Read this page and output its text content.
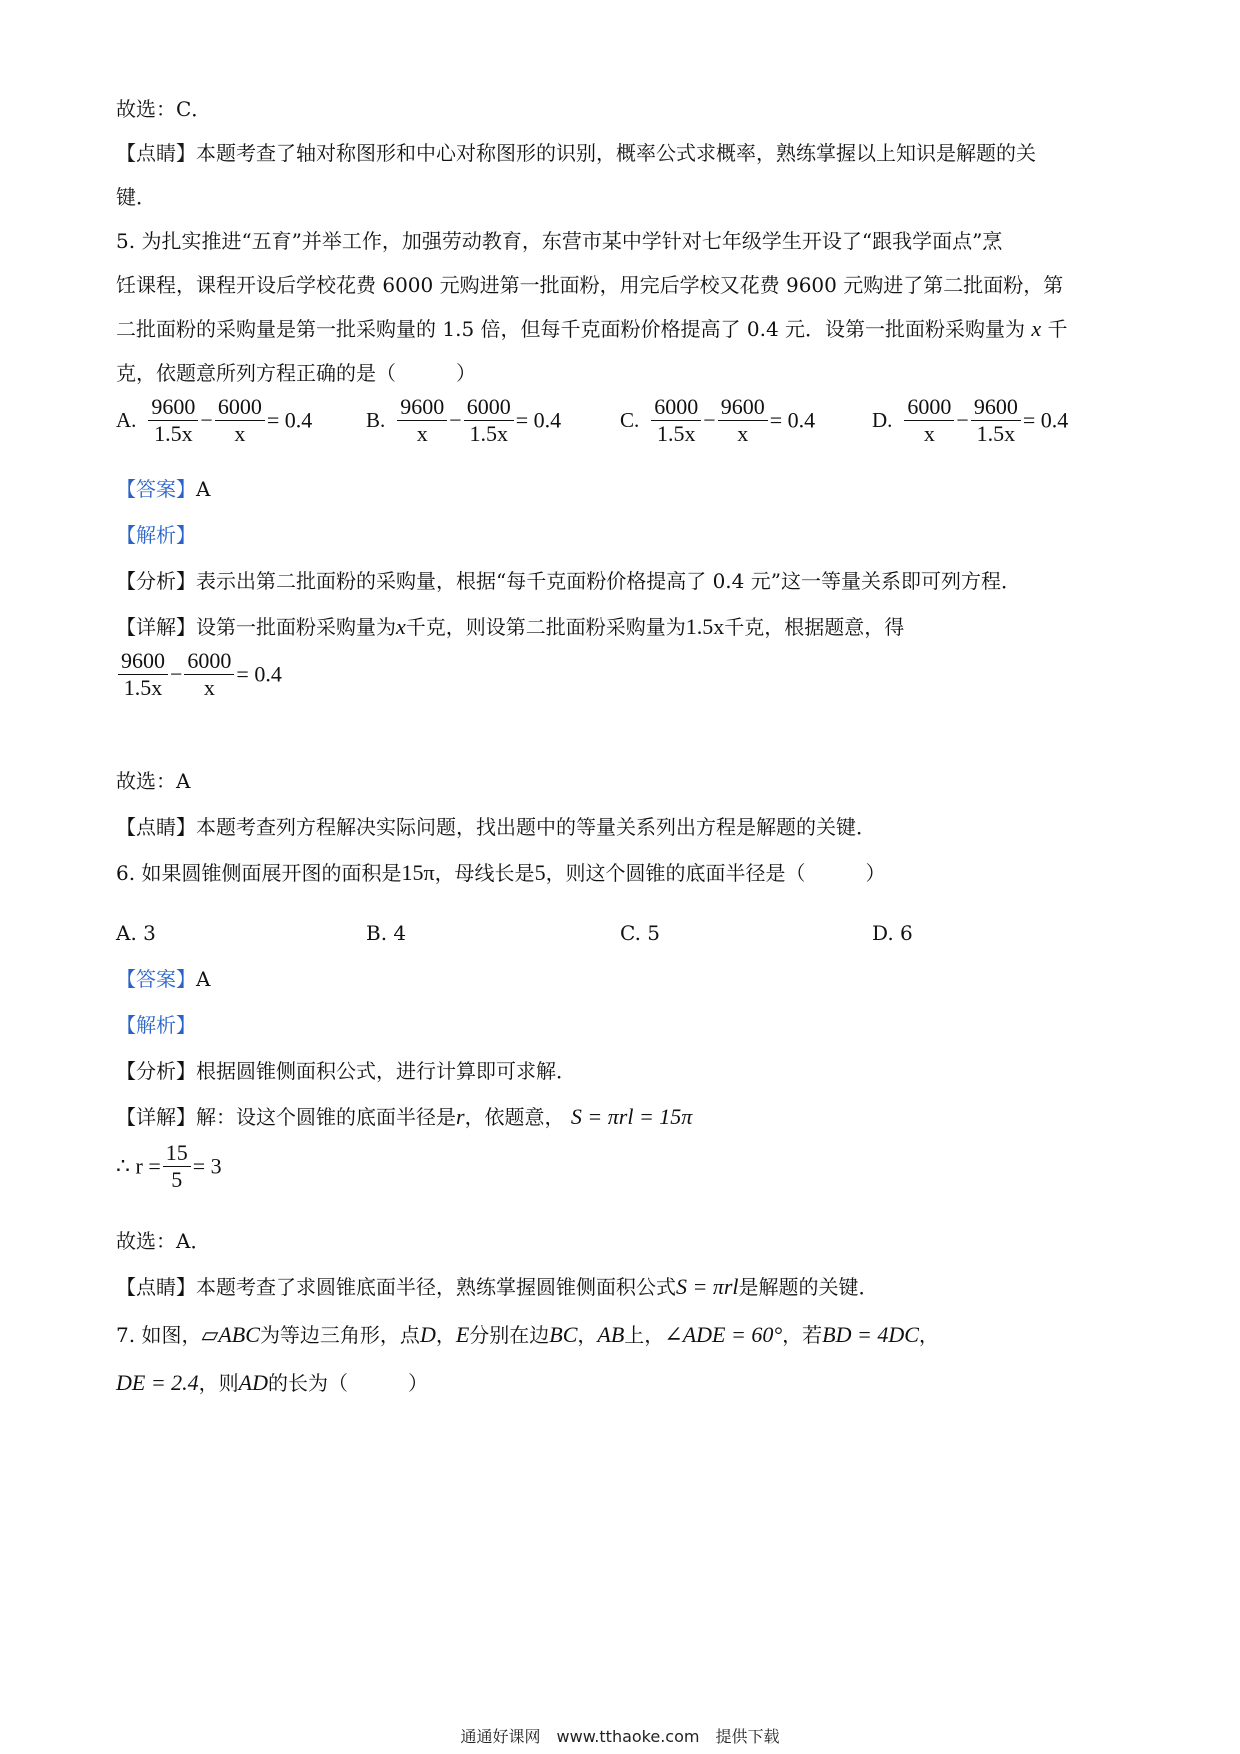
故选：C．
【点睛】本题考查了轴对称图形和中心对称图形的识别，概率公式求概率，熟练掌握以上知识是解题的关
键．
5. 为扎实推进“五育”并举工作，加强劳动教育，东营市某中学针对七年级学生开设了“跟我学面点”烹
饪课程，课程开设后学校花费 6000 元购进第一批面粉，用完后学校又花费 9600 元购进了第二批面粉，第
二批面粉的采购量是第一批采购量的 1.5 倍，但每千克面粉价格提高了 0.4 元．设第一批面粉采购量为 x 千
克，依题意所列方程正确的是（　　　）
A. $\frac{9600}{1.5x} - \frac{6000}{x} = 0.4$	B. $\frac{9600}{x} - \frac{6000}{1.5x} = 0.4$	C. $\frac{6000}{1.5x} - \frac{9600}{x} = 0.4$	D. $\frac{6000}{x} - \frac{9600}{1.5x} = 0.4$
【答案】A
【解析】
【分析】表示出第二批面粉的采购量，根据“每千克面粉价格提高了 0.4 元”这一等量关系即可列方程．
【详解】设第一批面粉采购量为x千克，则设第二批面粉采购量为1.5x千克，根据题意，得
$\frac{9600}{1.5x} - \frac{6000}{x} = 0.4$
故选：A
【点睛】本题考查列方程解决实际问题，找出题中的等量关系列出方程是解题的关键．
6. 如果圆锥侧面展开图的面积是15π，母线长是5，则这个圆锥的底面半径是（　　　）
A. 3	B. 4	C. 5	D. 6
【答案】A
【解析】
【分析】根据圆锥侧面积公式，进行计算即可求解．
【详解】解：设这个圆锥的底面半径是r，依题意， S = πrl = 15π
∴ $r = \frac{15}{5} = 3$
故选：A．
【点睛】本题考查了求圆锥底面半径，熟练掌握圆锥侧面积公式S = πrl是解题的关键．
7. 如图，▱ABC为等边三角形，点D，E分别在边BC，AB上，∠ADE = 60°，若BD = 4DC，
DE = 2.4，则AD的长为（　　　）
通通好课网　www.tthaoke.com　提供下载
